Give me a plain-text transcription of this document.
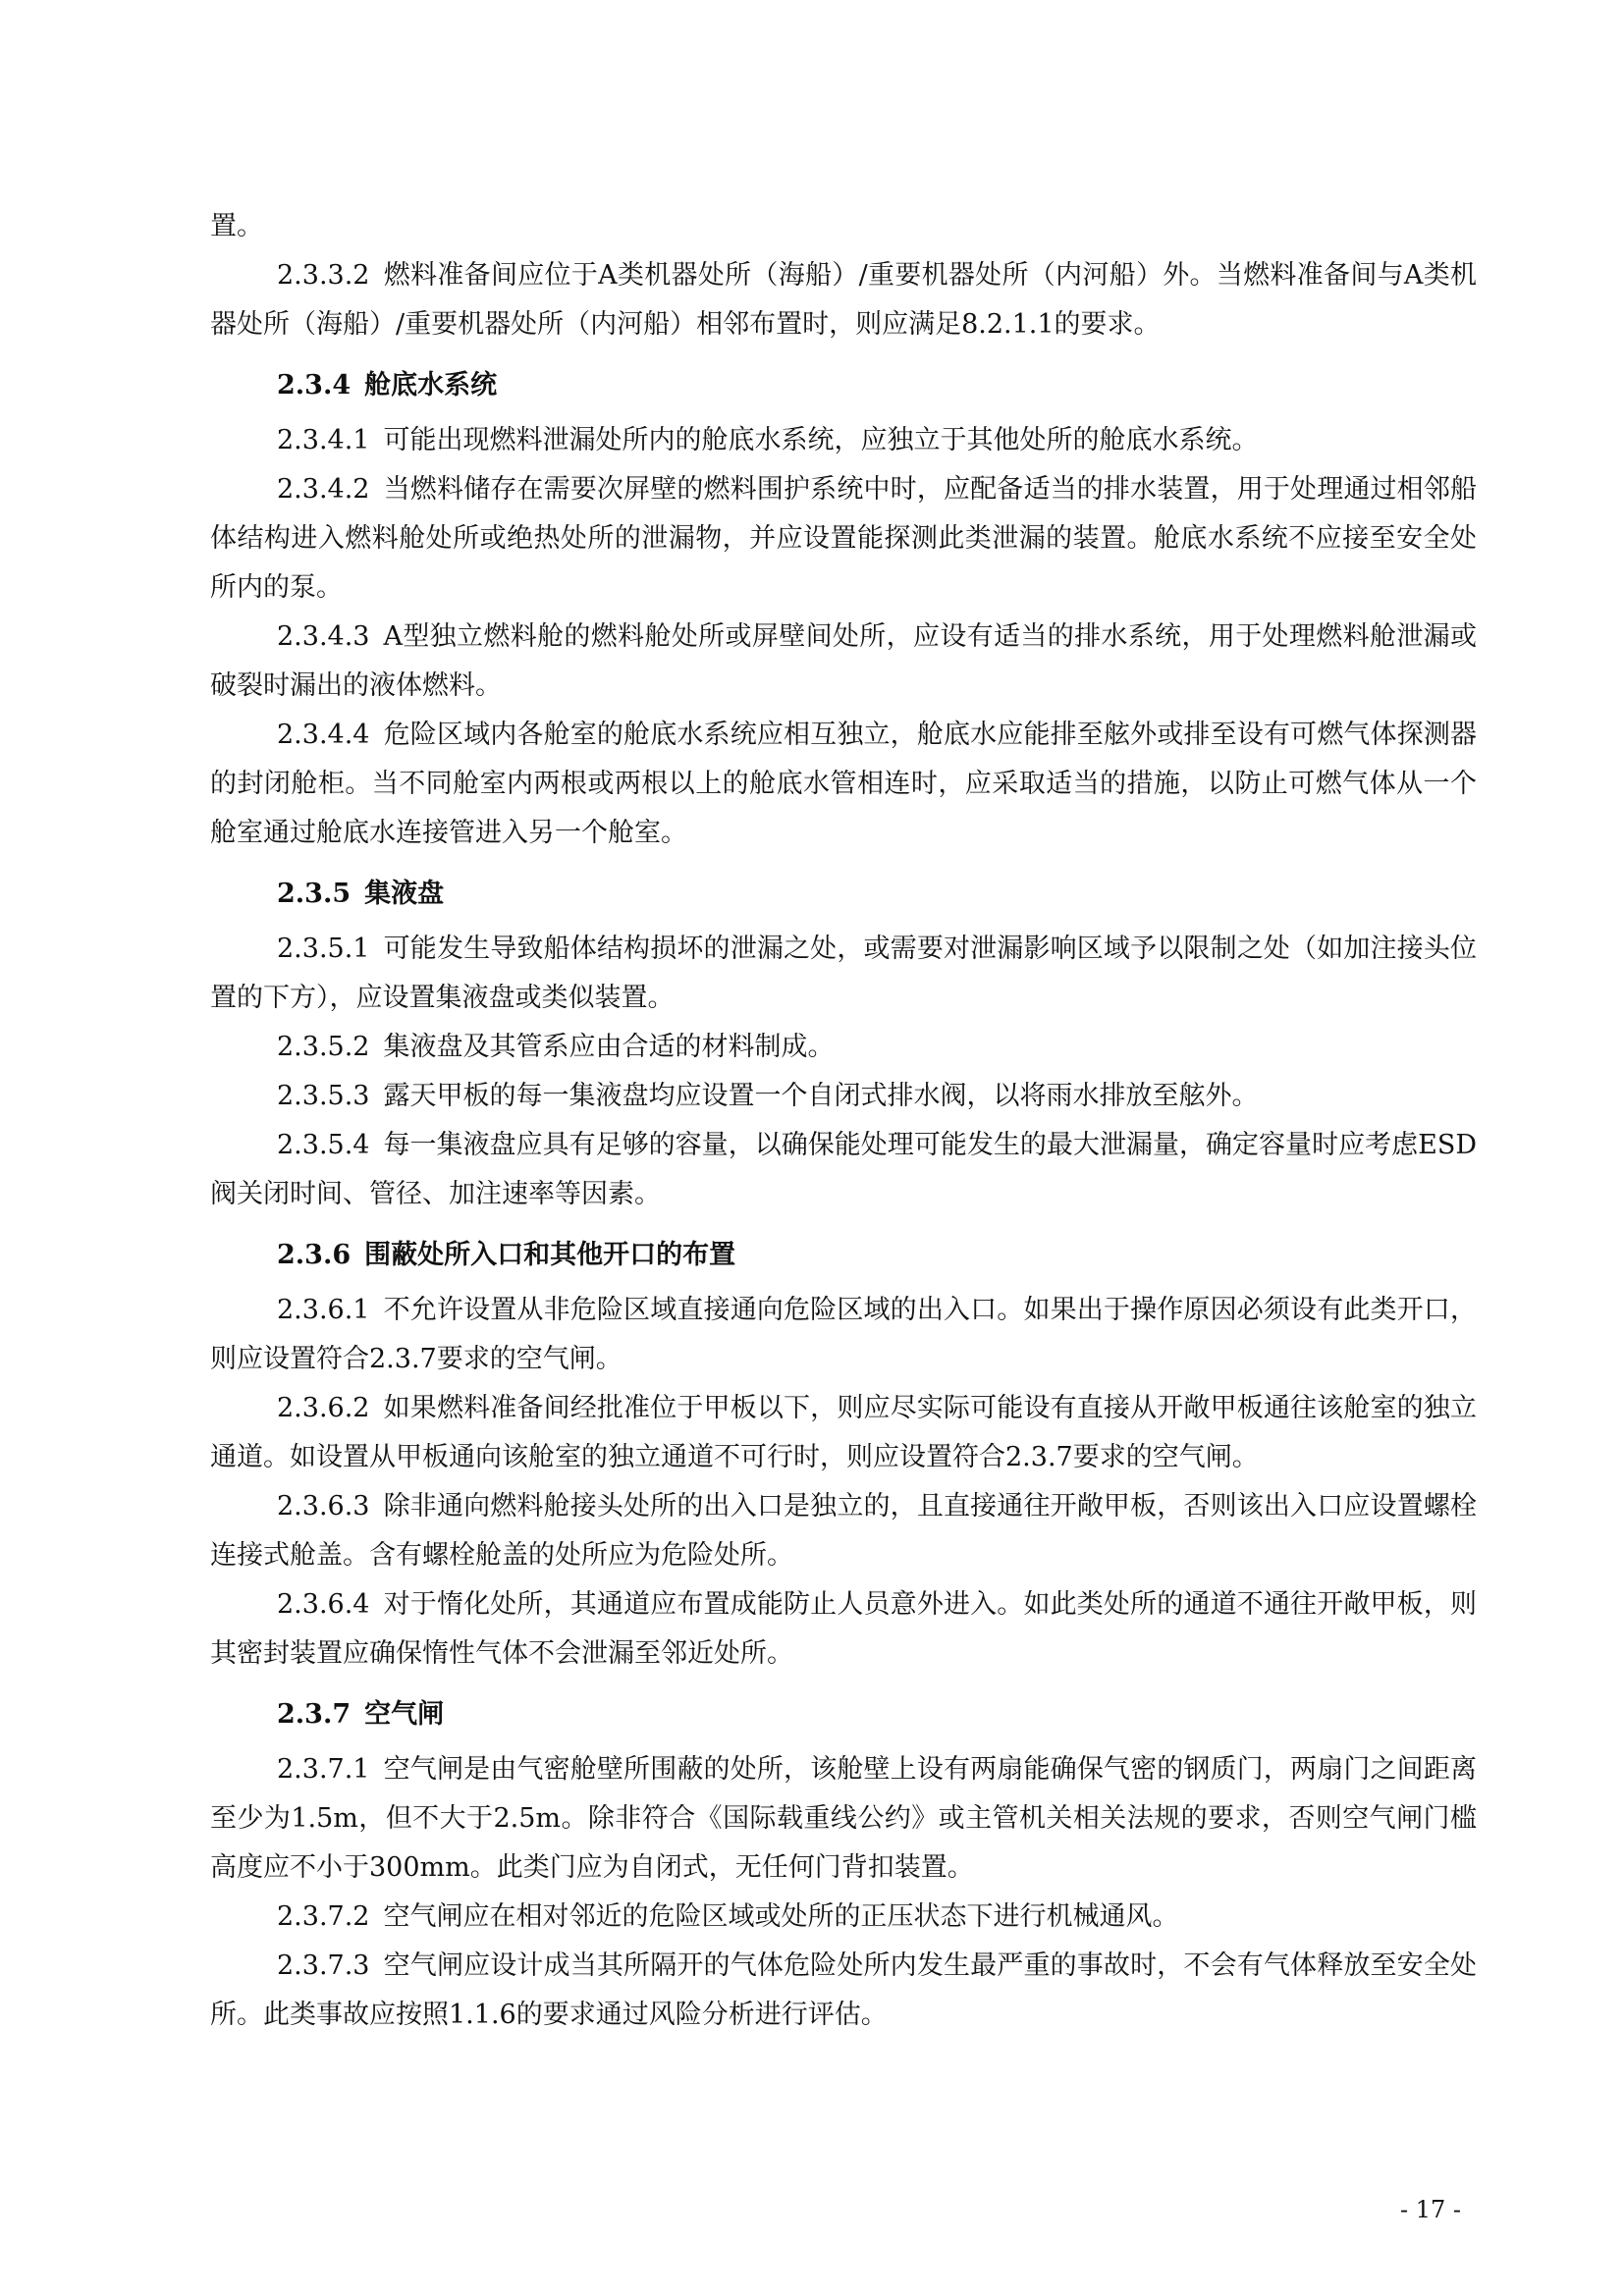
置。

2.3.3.2 燃料准备间应位于A类机器处所（海船）/重要机器处所（内河船）外。当燃料准备间与A类机器处所（海船）/重要机器处所（内河船）相邻布置时，则应满足8.2.1.1的要求。

2.3.4 舱底水系统

2.3.4.1 可能出现燃料泄漏处所内的舱底水系统，应独立于其他处所的舱底水系统。

2.3.4.2 当燃料储存在需要次屏壁的燃料围护系统中时，应配备适当的排水装置，用于处理通过相邻船体结构进入燃料舱处所或绝热处所的泄漏物，并应设置能探测此类泄漏的装置。舱底水系统不应接至安全处所内的泵。

2.3.4.3 A型独立燃料舱的燃料舱处所或屏壁间处所，应设有适当的排水系统，用于处理燃料舱泄漏或破裂时漏出的液体燃料。

2.3.4.4 危险区域内各舱室的舱底水系统应相互独立，舱底水应能排至舷外或排至设有可燃气体探测器的封闭舱柜。当不同舱室内两根或两根以上的舱底水管相连时，应采取适当的措施，以防止可燃气体从一个舱室通过舱底水连接管进入另一个舱室。

2.3.5 集液盘

2.3.5.1 可能发生导致船体结构损坏的泄漏之处，或需要对泄漏影响区域予以限制之处（如加注接头位置的下方），应设置集液盘或类似装置。

2.3.5.2 集液盘及其管系应由合适的材料制成。

2.3.5.3 露天甲板的每一集液盘均应设置一个自闭式排水阀，以将雨水排放至舷外。

2.3.5.4 每一集液盘应具有足够的容量，以确保能处理可能发生的最大泄漏量，确定容量时应考虑ESD阀关闭时间、管径、加注速率等因素。

2.3.6 围蔽处所入口和其他开口的布置

2.3.6.1 不允许设置从非危险区域直接通向危险区域的出入口。如果出于操作原因必须设有此类开口，则应设置符合2.3.7要求的空气闸。

2.3.6.2 如果燃料准备间经批准位于甲板以下，则应尽实际可能设有直接从开敞甲板通往该舱室的独立通道。如设置从甲板通向该舱室的独立通道不可行时，则应设置符合2.3.7要求的空气闸。

2.3.6.3 除非通向燃料舱接头处所的出入口是独立的，且直接通往开敞甲板，否则该出入口应设置螺栓连接式舱盖。含有螺栓舱盖的处所应为危险处所。

2.3.6.4 对于惰化处所，其通道应布置成能防止人员意外进入。如此类处所的通道不通往开敞甲板，则其密封装置应确保惰性气体不会泄漏至邻近处所。

2.3.7 空气闸

2.3.7.1 空气闸是由气密舱壁所围蔽的处所，该舱壁上设有两扇能确保气密的钢质门，两扇门之间距离至少为1.5m，但不大于2.5m。除非符合《国际载重线公约》或主管机关相关法规的要求，否则空气闸门槛高度应不小于300mm。此类门应为自闭式，无任何门背扣装置。

2.3.7.2 空气闸应在相对邻近的危险区域或处所的正压状态下进行机械通风。

2.3.7.3 空气闸应设计成当其所隔开的气体危险处所内发生最严重的事故时，不会有气体释放至安全处所。此类事故应按照1.1.6的要求通过风险分析进行评估。

- 17 -
